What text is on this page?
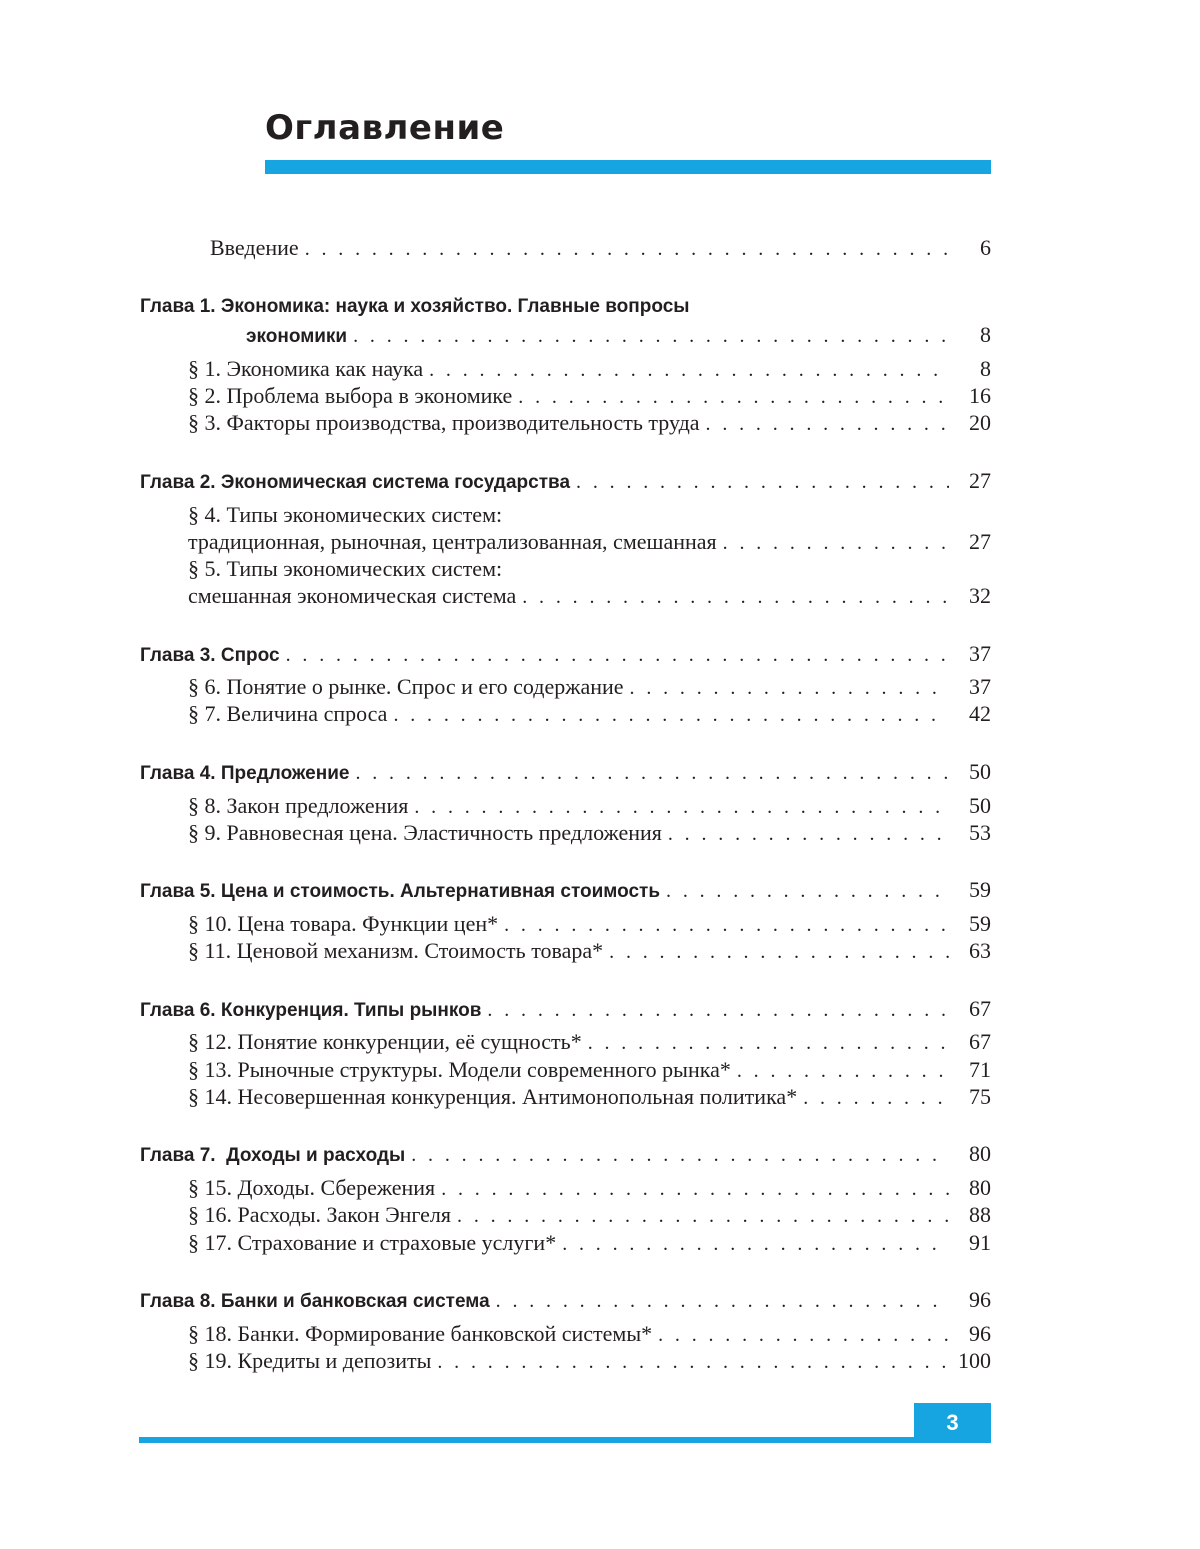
Оглавление
Введение . . .	6
Глава 1. Экономика: наука и хозяйство. Главные вопросы
экономики . . .	8
§ 1. Экономика как наука . . .	8
§ 2. Проблема выбора в экономике . . .	16
§ 3. Факторы производства, производительность труда . . .	20
Глава 2. Экономическая система государства . . .	27
§ 4. Типы экономических систем:
традиционная, рыночная, централизованная, смешанная . . .	27
§ 5. Типы экономических систем:
смешанная экономическая система . . .	32
Глава 3. Спрос . . .	37
§ 6. Понятие о рынке. Спрос и его содержание . . .	37
§ 7. Величина спроса . . .	42
Глава 4. Предложение . . .	50
§ 8. Закон предложения . . .	50
§ 9. Равновесная цена. Эластичность предложения . . .	53
Глава 5. Цена и стоимость. Альтернативная стоимость . . .	59
§ 10. Цена товара. Функции цен* . . .	59
§ 11. Ценовой механизм. Стоимость товара* . . .	63
Глава 6. Конкуренция. Типы рынков . . .	67
§ 12. Понятие конкуренции, её сущность* . . .	67
§ 13. Рыночные структуры. Модели современного рынка* . . .	71
§ 14. Несовершенная конкуренция. Антимонопольная политика* . . .	75
Глава 7.  Доходы и расходы . . .	80
§ 15. Доходы. Сбережения . . .	80
§ 16. Расходы. Закон Энгеля . . .	88
§ 17. Страхование и страховые услуги* . . .	91
Глава 8. Банки и банковская система . . .	96
§ 18. Банки. Формирование банковской системы* . . .	96
§ 19. Кредиты и депозиты . . .	100
3
